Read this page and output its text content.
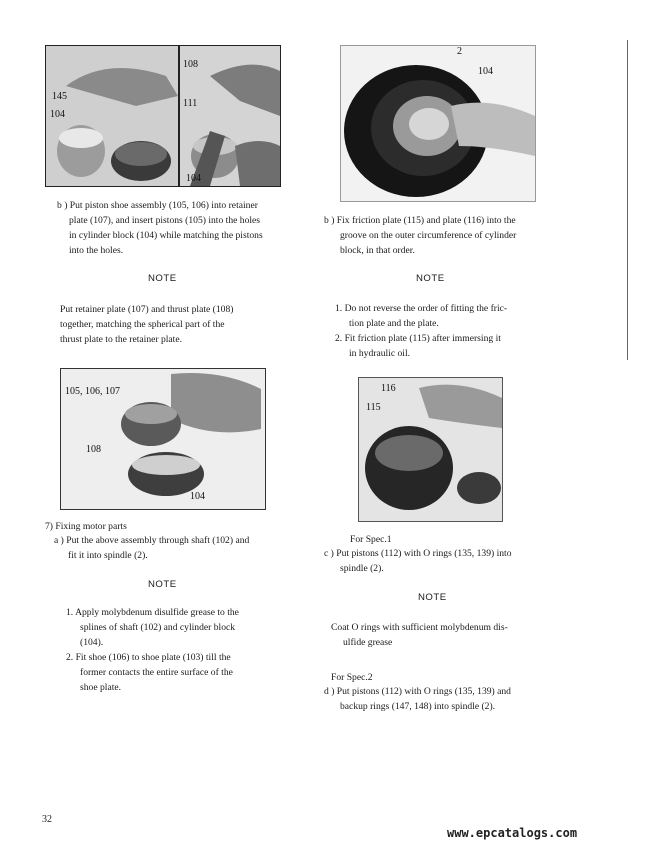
145
104
108
111
104
2
104
105, 106, 107
108
104
116
115
b ) Put piston shoe assembly (105, 106) into retainer
plate (107), and insert pistons (105) into the holes
in cylinder block (104) while matching the pistons
into the holes.
NOTE
Put retainer plate (107) and thrust plate (108)
together, matching the spherical part of the
thrust plate to the retainer plate.
7) Fixing motor parts
a ) Put the above assembly through shaft (102) and
fit it into spindle (2).
NOTE
1. Apply molybdenum disulfide grease to the
splines of shaft (102) and cylinder block
(104).
2. Fit shoe (106) to shoe plate (103) till the
former contacts the entire surface of the
shoe plate.
b ) Fix friction plate (115) and plate (116) into the
groove on the outer circumference of cylinder
block, in that order.
NOTE
1. Do not reverse the order of fitting the fric-
tion plate and the plate.
2. Fit friction plate (115) after immersing it
in hydraulic oil.
For Spec.1
c ) Put pistons (112) with O rings (135, 139) into
spindle (2).
NOTE
Coat O rings with sufficient molybdenum dis-
ulfide grease
For Spec.2
d ) Put pistons (112) with O rings (135, 139) and
backup rings (147, 148) into spindle (2).
32
www.epcatalogs.com
